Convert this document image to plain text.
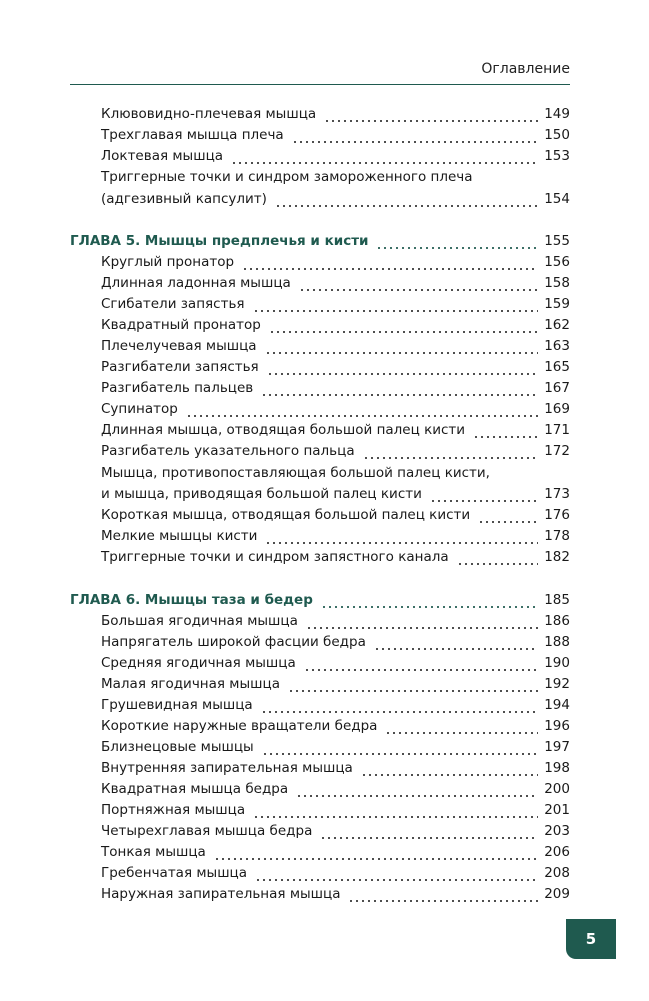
Оглавление
Клювовидно-плечевая мышца	149
Трехглавая мышца плеча	150
Локтевая мышца	153
Триггерные точки и синдром замороженного плеча
(адгезивный капсулит)	154
ГЛАВА 5. Мышцы предплечья и кисти	155
Круглый пронатор	156
Длинная ладонная мышца	158
Сгибатели запястья	159
Квадратный пронатор	162
Плечелучевая мышца	163
Разгибатели запястья	165
Разгибатель пальцев	167
Супинатор	169
Длинная мышца, отводящая большой палец кисти	171
Разгибатель указательного пальца	172
Мышца, противопоставляющая большой палец кисти,
и мышца, приводящая большой палец кисти	173
Короткая мышца, отводящая большой палец кисти	176
Мелкие мышцы кисти	178
Триггерные точки и синдром запястного канала	182
ГЛАВА 6. Мышцы таза и бедер	185
Большая ягодичная мышца	186
Напрягатель широкой фасции бедра	188
Средняя ягодичная мышца	190
Малая ягодичная мышца	192
Грушевидная мышца	194
Короткие наружные вращатели бедра	196
Близнецовые мышцы	197
Внутренняя запирательная мышца	198
Квадратная мышца бедра	200
Портняжная мышца	201
Четырехглавая мышца бедра	203
Тонкая мышца	206
Гребенчатая мышца	208
Наружная запирательная мышца	209
5
